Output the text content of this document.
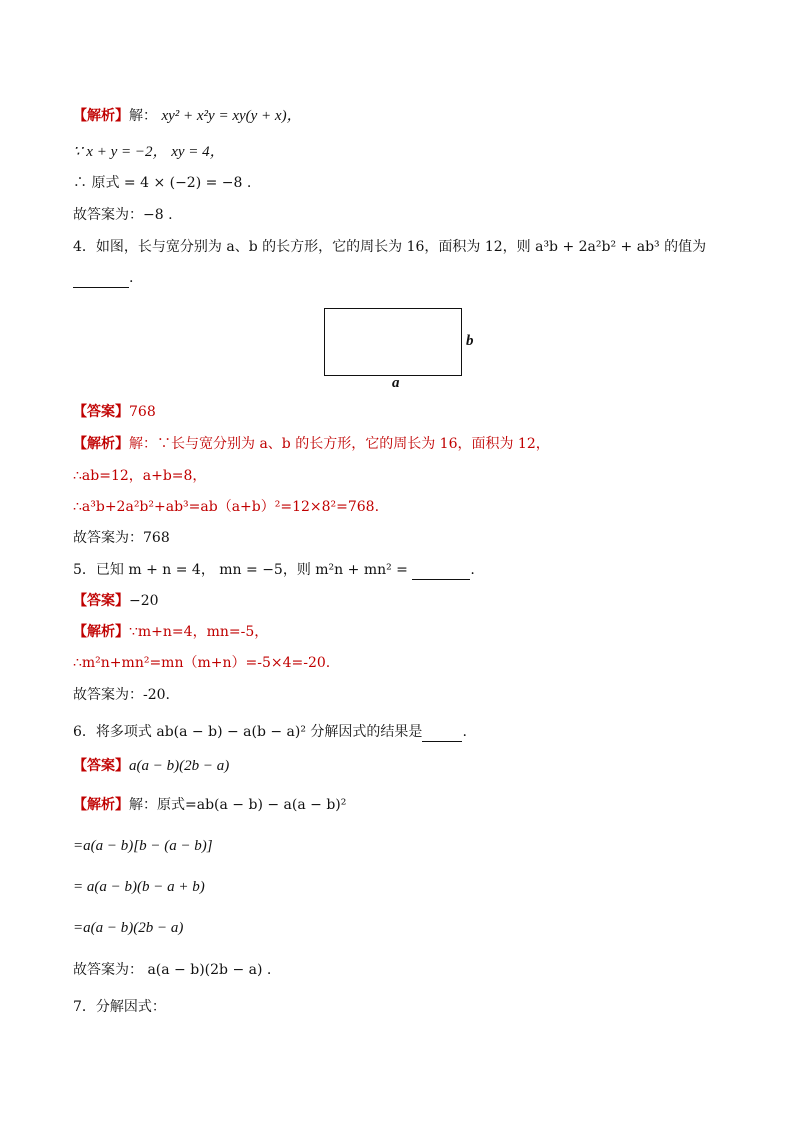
【解析】解： xy² + x²y = xy(y + x)，
∵ x + y = −2， xy = 4，
∴ 原式 = 4 × (−2) = −8 .
故答案为：−8 .
4．如图，长与宽分别为 a、b 的长方形，它的周长为 16，面积为 12，则 a³b + 2a²b² + ab³ 的值为
.
b
a
【答案】768
【解析】解：∵长与宽分别为 a、b 的长方形，它的周长为 16，面积为 12，
∴ab=12，a+b=8，
∴a³b+2a²b²+ab³=ab（a+b）²=12×8²=768.
故答案为：768
5．已知 m + n = 4， mn = −5，则 m²n + mn² =	.
【答案】−20
【解析】∵m+n=4，mn=-5，
∴m²n+mn²=mn（m+n）=-5×4=-20.
故答案为：-20.
6．将多项式 ab(a − b) − a(b − a)² 分解因式的结果是	.
【答案】a(a − b)(2b − a)
【解析】解：原式=ab(a − b) − a(a − b)²
=a(a − b)[b − (a − b)]
= a(a − b)(b − a + b)
=a(a − b)(2b − a)
故答案为： a(a − b)(2b − a) .
7．分解因式：
